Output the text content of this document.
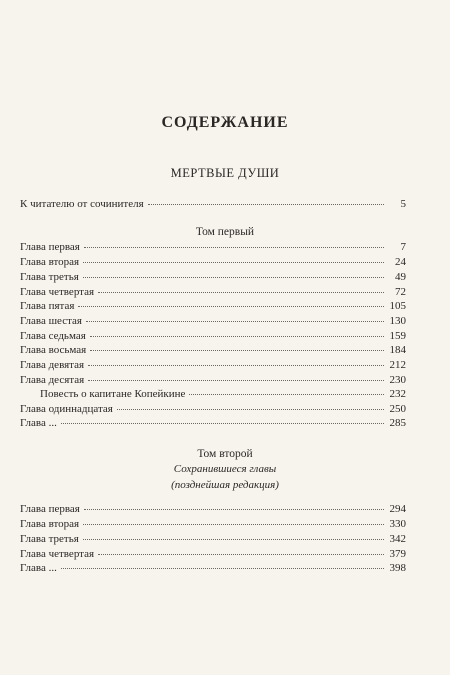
СОДЕРЖАНИЕ
МЕРТВЫЕ ДУШИ
К читателю от сочинителя	5
Том первый
Глава первая	7
Глава вторая	24
Глава третья	49
Глава четвертая	72
Глава пятая	105
Глава шестая	130
Глава седьмая	159
Глава восьмая	184
Глава девятая	212
Глава десятая	230
Повесть о капитане Копейкине	232
Глава одиннадцатая	250
Глава ...	285
Том второй
Сохранившиеся главы
(позднейшая редакция)
Глава первая	294
Глава вторая	330
Глава третья	342
Глава четвертая	379
Глава ...	398
